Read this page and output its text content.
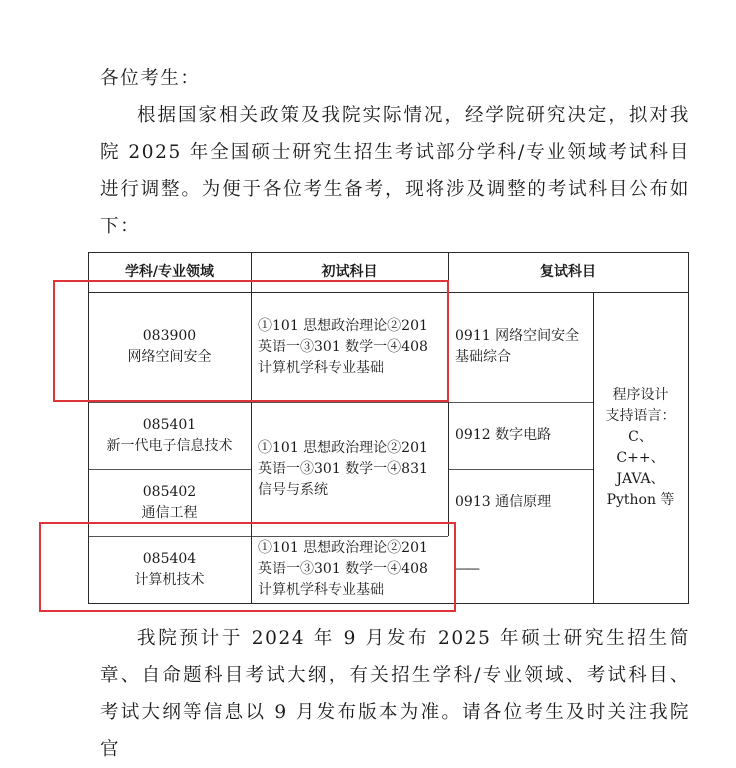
各位考生：

根据国家相关政策及我院实际情况，经学院研究决定，拟对我院 2025 年全国硕士研究生招生考试部分学科/专业领域考试科目进行调整。为便于各位考生备考，现将涉及调整的考试科目公布如下：

学科/专业领域	初试科目	复试科目
083900
网络空间安全
085401
新一代电子信息技术
085402
通信工程
085404
计算机技术
①101 思想政治理论②201 英语一③301 数学一④408 计算机学科专业基础
①101 思想政治理论②201 英语一③301 数学一④831 信号与系统
①101 思想政治理论②201 英语一③301 数学一④408 计算机学科专业基础
0911 网络空间安全基础综合
0912 数字电路
0913 通信原理
——
程序设计
支持语言：
C、
C++、
JAVA、
Python 等

我院预计于 2024 年 9 月发布 2025 年硕士研究生招生简章、自命题科目考试大纲，有关招生学科/专业领域、考试科目、考试大纲等信息以 9 月发布版本为准。请各位考生及时关注我院官
